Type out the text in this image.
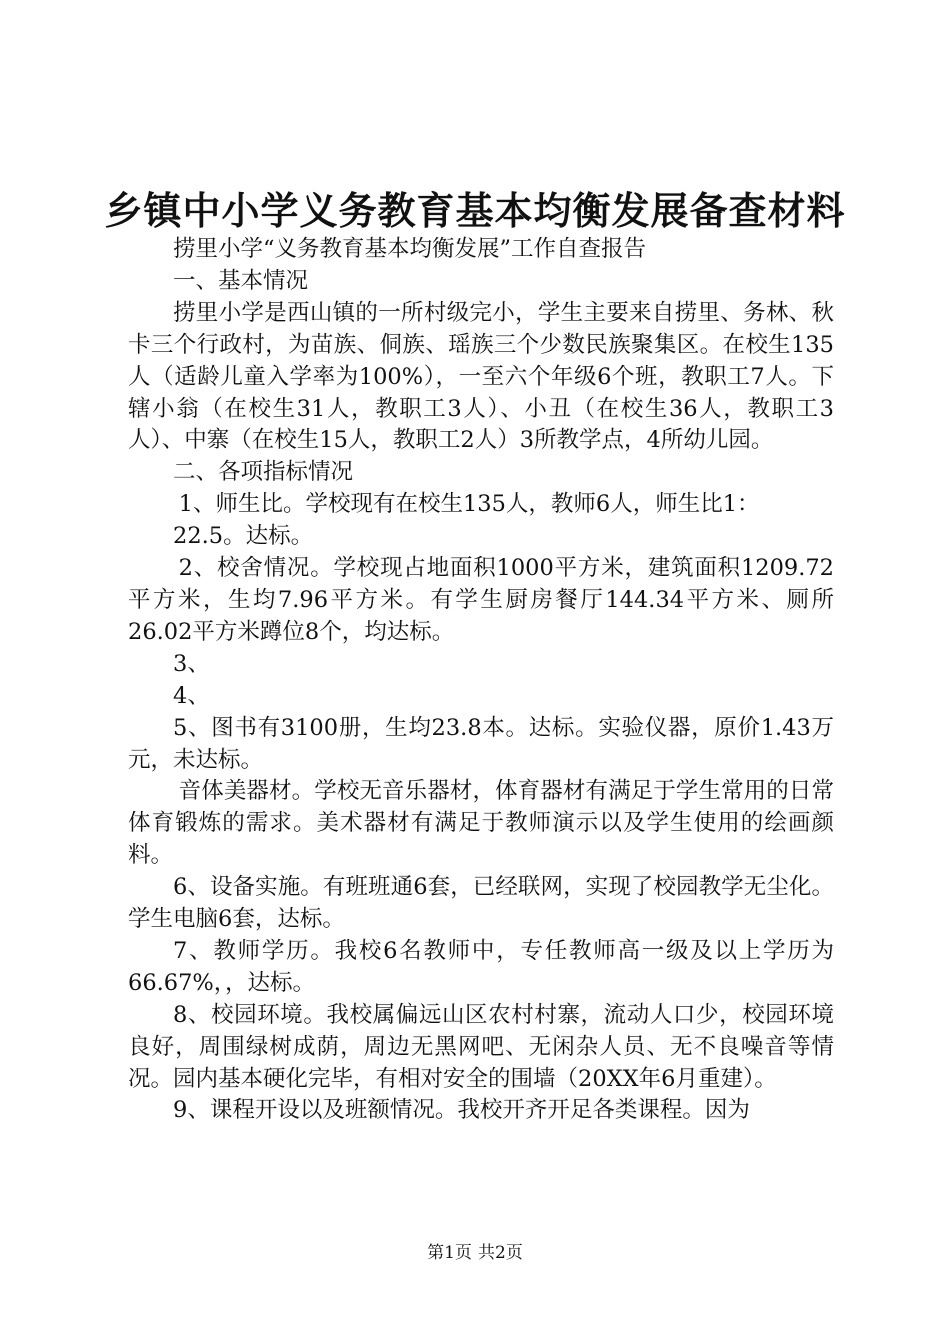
乡镇中小学义务教育基本均衡发展备查材料

捞里小学“义务教育基本均衡发展”工作自查报告

一、基本情况

捞里小学是西山镇的一所村级完小，学生主要来自捞里、务林、秋卡三个行政村，为苗族、侗族、瑶族三个少数民族聚集区。在校生135人（适龄儿童入学率为100%），一至六个年级6个班，教职工7人。下辖小翁（在校生31人，教职工3人）、小丑（在校生36人，教职工3人）、中寨（在校生15人，教职工2人）3所教学点，4所幼儿园。

二、各项指标情况

1、师生比。学校现有在校生135人，教师6人，师生比1：

22.5。达标。

2、校舍情况。学校现占地面积1000平方米，建筑面积1209.72平方米，生均7.96平方米。有学生厨房餐厅144.34平方米、厕所26.02平方米蹲位8个，均达标。

3、

4、

5、图书有3100册，生均23.8本。达标。实验仪器，原价1.43万元，未达标。

音体美器材。学校无音乐器材，体育器材有满足于学生常用的日常体育锻炼的需求。美术器材有满足于教师演示以及学生使用的绘画颜料。

6、设备实施。有班班通6套，已经联网，实现了校园教学无尘化。学生电脑6套，达标。

7、教师学历。我校6名教师中，专任教师高一级及以上学历为66.67%，，达标。

8、校园环境。我校属偏远山区农村村寨，流动人口少，校园环境良好，周围绿树成荫，周边无黑网吧、无闲杂人员、无不良噪音等情况。园内基本硬化完毕，有相对安全的围墙（20XX年6月重建）。

9、课程开设以及班额情况。我校开齐开足各类课程。因为

第1页 共2页
